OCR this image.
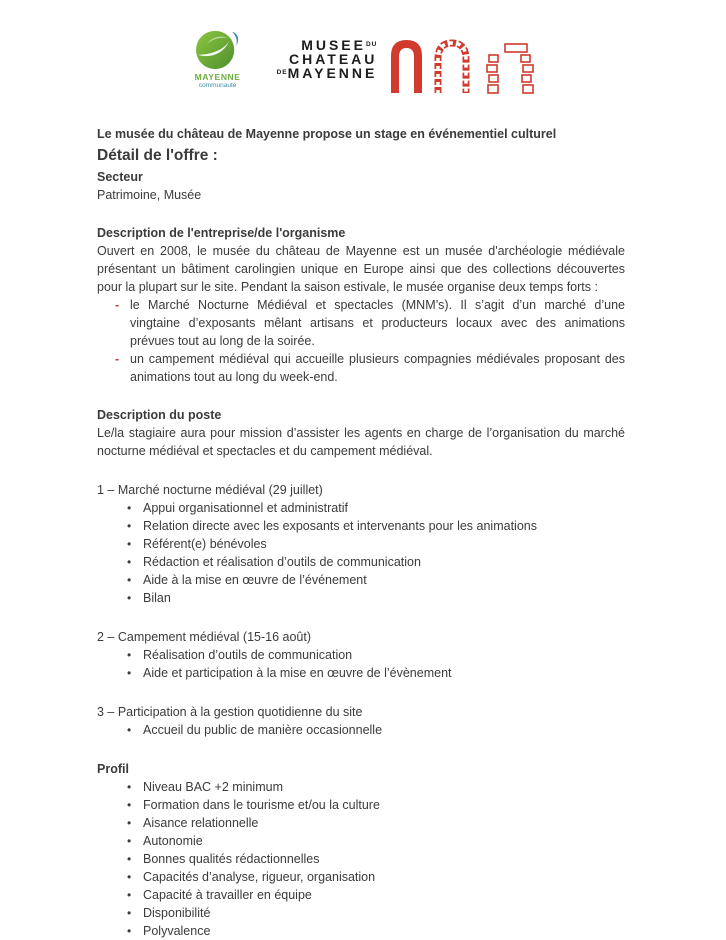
MAYENNE
communauté
$MUSEE^{DU}$
CHATEAU
$^{DE}$MAYENNE

Le musée du château de Mayenne propose un stage en événementiel culturel

Détail de l'offre :

Secteur

Patrimoine, Musée

Description de l'entreprise/de l'organisme

Ouvert en 2008, le musée du château de Mayenne est un musée d'archéologie médiévale présentant un bâtiment carolingien unique en Europe ainsi que des collections découvertes pour la plupart sur le site. Pendant la saison estivale, le musée organise deux temps forts :

- le Marché Nocturne Médiéval et spectacles (MNM’s). Il s’agit d’un marché d’une vingtaine d’exposants mêlant artisans et producteurs locaux avec des animations prévues tout au long de la soirée.
- un campement médiéval qui accueille plusieurs compagnies médiévales proposant des animations tout au long du week-end.

Description du poste

Le/la stagiaire aura pour mission d’assister les agents en charge de l’organisation du marché nocturne médiéval et spectacles et du campement médiéval.

1 – Marché nocturne médiéval (29 juillet)

• Appui organisationnel et administratif
• Relation directe avec les exposants et intervenants pour les animations
• Référent(e) bénévoles
• Rédaction et réalisation d’outils de communication
• Aide à la mise en œuvre de l’événement
• Bilan

2 – Campement médiéval (15-16 août)

• Réalisation d’outils de communication
• Aide et participation à la mise en œuvre de l’évènement

3 – Participation à la gestion quotidienne du site

• Accueil du public de manière occasionnelle

Profil

• Niveau BAC +2 minimum
• Formation dans le tourisme et/ou la culture
• Aisance relationnelle
• Autonomie
• Bonnes qualités rédactionnelles
• Capacités d’analyse, rigueur, organisation
• Capacité à travailler en équipe
• Disponibilité
• Polyvalence
